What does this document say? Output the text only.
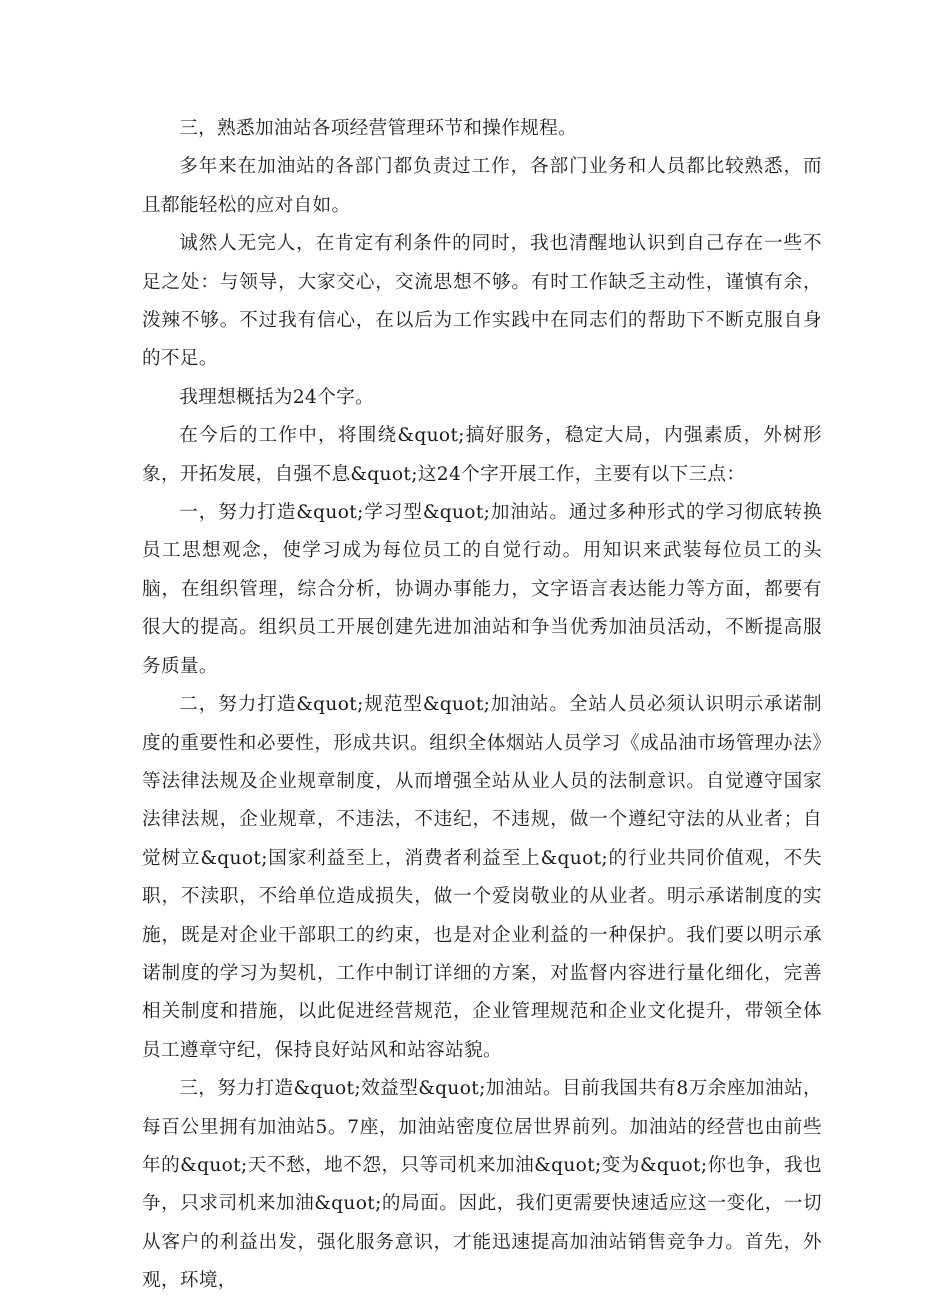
三，熟悉加油站各项经营管理环节和操作规程。

多年来在加油站的各部门都负责过工作，各部门业务和人员都比较熟悉，而且都能轻松的应对自如。

诚然人无完人，在肯定有利条件的同时，我也清醒地认识到自己存在一些不足之处：与领导，大家交心，交流思想不够。有时工作缺乏主动性，谨慎有余，泼辣不够。不过我有信心，在以后为工作实践中在同志们的帮助下不断克服自身的不足。

我理想概括为24个字。

在今后的工作中，将围绕&quot;搞好服务，稳定大局，内强素质，外树形象，开拓发展，自强不息&quot;这24个字开展工作，主要有以下三点：

一，努力打造&quot;学习型&quot;加油站。通过多种形式的学习彻底转换员工思想观念，使学习成为每位员工的自觉行动。用知识来武装每位员工的头脑，在组织管理，综合分析，协调办事能力，文字语言表达能力等方面，都要有很大的提高。组织员工开展创建先进加油站和争当优秀加油员活动，不断提高服务质量。

二，努力打造&quot;规范型&quot;加油站。全站人员必须认识明示承诺制度的重要性和必要性，形成共识。组织全体烟站人员学习《成品油市场管理办法》等法律法规及企业规章制度，从而增强全站从业人员的法制意识。自觉遵守国家法律法规，企业规章，不违法，不违纪，不违规，做一个遵纪守法的从业者；自觉树立&quot;国家利益至上，消费者利益至上&quot;的行业共同价值观，不失职，不渎职，不给单位造成损失，做一个爱岗敬业的从业者。明示承诺制度的实施，既是对企业干部职工的约束，也是对企业利益的一种保护。我们要以明示承诺制度的学习为契机，工作中制订详细的方案，对监督内容进行量化细化，完善相关制度和措施，以此促进经营规范，企业管理规范和企业文化提升，带领全体员工遵章守纪，保持良好站风和站容站貌。

三，努力打造&quot;效益型&quot;加油站。目前我国共有8万余座加油站，每百公里拥有加油站5。7座，加油站密度位居世界前列。加油站的经营也由前些年的&quot;天不愁，地不怨，只等司机来加油&quot;变为&quot;你也争，我也争，只求司机来加油&quot;的局面。因此，我们更需要快速适应这一变化，一切从客户的利益出发，强化服务意识，才能迅速提高加油站销售竞争力。首先，外观，环境，
